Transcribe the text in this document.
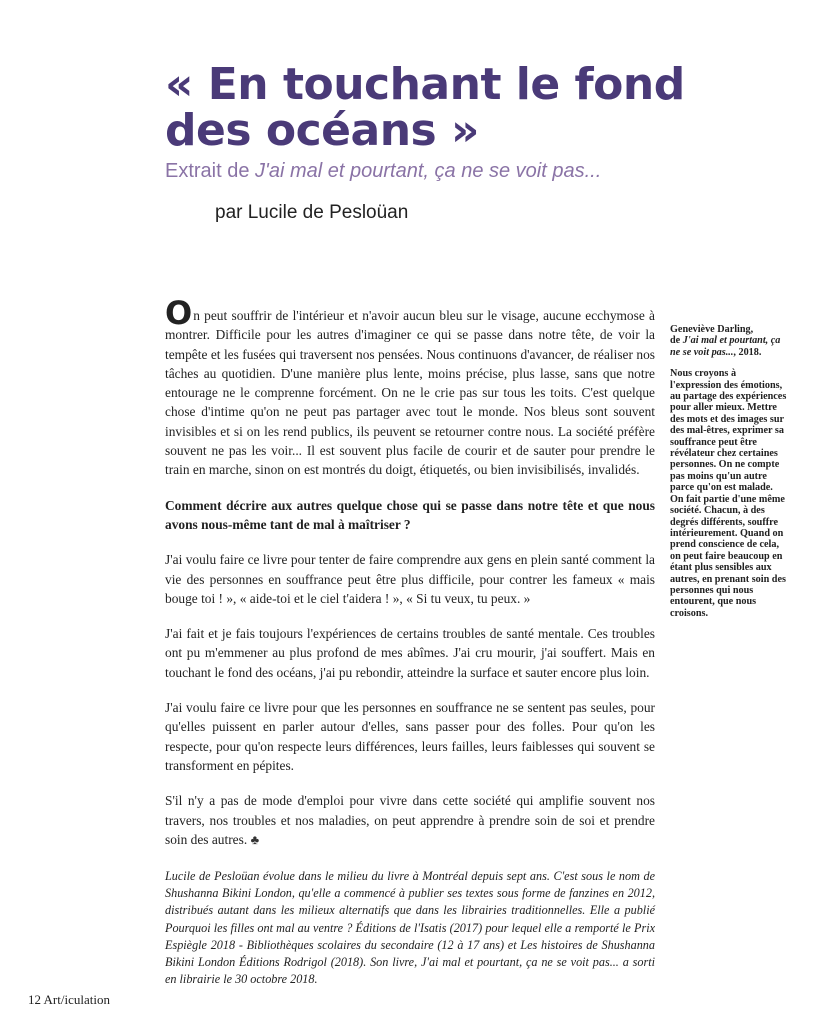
« En touchant le fond des océans »

Extrait de J'ai mal et pourtant, ça ne se voit pas...

par Lucile de Pesloüan

On peut souffrir de l'intérieur et n'avoir aucun bleu sur le visage, aucune ecchymose à montrer. Difficile pour les autres d'imaginer ce qui se passe dans notre tête, de voir la tempête et les fusées qui traversent nos pensées. Nous continuons d'avancer, de réaliser nos tâches au quotidien. D'une manière plus lente, moins précise, plus lasse, sans que notre entourage ne le comprenne forcément. On ne le crie pas sur tous les toits. C'est quelque chose d'intime qu'on ne peut pas partager avec tout le monde. Nos bleus sont souvent invisibles et si on les rend publics, ils peuvent se retourner contre nous. La société préfère souvent ne pas les voir... Il est souvent plus facile de courir et de sauter pour prendre le train en marche, sinon on est montrés du doigt, étiquetés, ou bien invisibilisés, invalidés.

Comment décrire aux autres quelque chose qui se passe dans notre tête et que nous avons nous-même tant de mal à maîtriser ?

J'ai voulu faire ce livre pour tenter de faire comprendre aux gens en plein santé comment la vie des personnes en souffrance peut être plus difficile, pour contrer les fameux « mais bouge toi ! », « aide-toi et le ciel t'aidera ! », « Si tu veux, tu peux. »

J'ai fait et je fais toujours l'expériences de certains troubles de santé mentale. Ces troubles ont pu m'emmener au plus profond de mes abîmes. J'ai cru mourir, j'ai souffert. Mais en touchant le fond des océans, j'ai pu rebondir, atteindre la surface et sauter encore plus loin.

J'ai voulu faire ce livre pour que les personnes en souffrance ne se sentent pas seules, pour qu'elles puissent en parler autour d'elles, sans passer pour des folles. Pour qu'on les respecte, pour qu'on respecte leurs différences, leurs failles, leurs faiblesses qui souvent se transforment en pépites.

S'il n'y a pas de mode d'emploi pour vivre dans cette société qui amplifie souvent nos travers, nos troubles et nos maladies, on peut apprendre à prendre soin de soi et prendre soin des autres. ♣

Geneviève Darling,
de J'ai mal et pourtant, ça ne se voit pas..., 2018.

Nous croyons à l'expression des émotions, au partage des expériences pour aller mieux. Mettre des mots et des images sur des mal-êtres, exprimer sa souffrance peut être révélateur chez certaines personnes. On ne compte pas moins qu'un autre parce qu'on est malade. On fait partie d'une même société. Chacun, à des degrés différents, souffre intérieurement. Quand on prend conscience de cela, on peut faire beaucoup en étant plus sensibles aux autres, en prenant soin des personnes qui nous entourent, que nous croisons.

Lucile de Pesloüan évolue dans le milieu du livre à Montréal depuis sept ans. C'est sous le nom de Shushanna Bikini London, qu'elle a commencé à publier ses textes sous forme de fanzines en 2012, distribués autant dans les milieux alternatifs que dans les librairies traditionnelles. Elle a publié Pourquoi les filles ont mal au ventre ? Éditions de l'Isatis (2017) pour lequel elle a remporté le Prix Espiègle 2018 - Bibliothèques scolaires du secondaire (12 à 17 ans) et Les histoires de Shushanna Bikini London Éditions Rodrigol (2018). Son livre, J'ai mal et pourtant, ça ne se voit pas... a sorti en librairie le 30 octobre 2018.

12 Art/iculation
